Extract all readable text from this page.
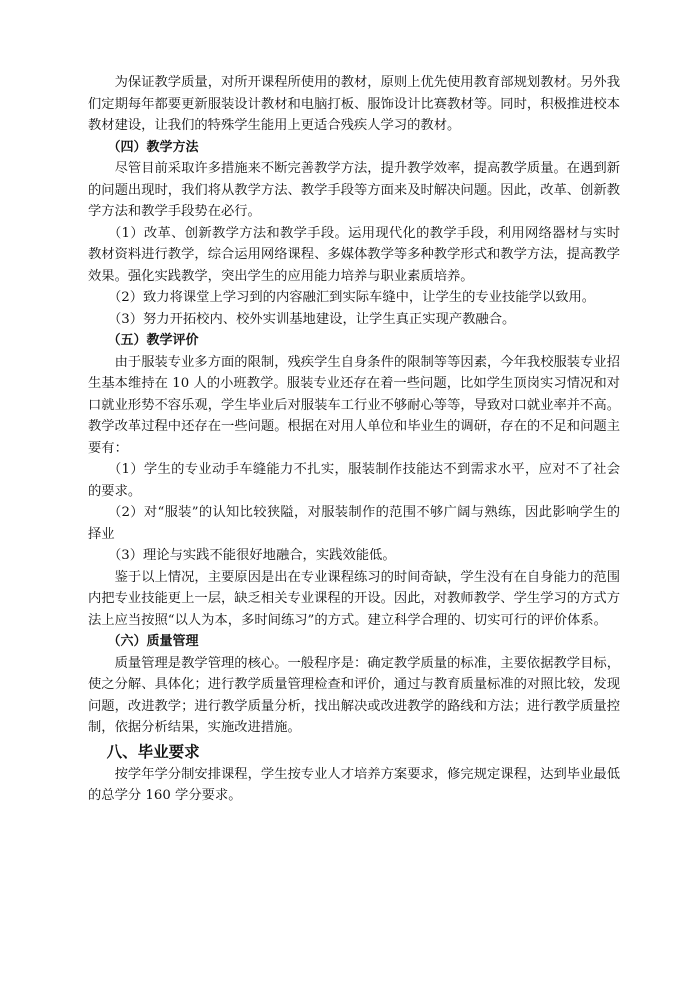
为保证教学质量，对所开课程所使用的教材，原则上优先使用教育部规划教材。另外我们定期每年都要更新服装设计教材和电脑打板、服饰设计比赛教材等。同时，积极推进校本教材建设，让我们的特殊学生能用上更适合残疾人学习的教材。

（四）教学方法

尽管目前采取许多措施来不断完善教学方法，提升教学效率，提高教学质量。在遇到新的问题出现时，我们将从教学方法、教学手段等方面来及时解决问题。因此，改革、创新教学方法和教学手段势在必行。

（1）改革、创新教学方法和教学手段。运用现代化的教学手段，利用网络器材与实时教材资料进行教学，综合运用网络课程、多媒体教学等多种教学形式和教学方法，提高教学效果。强化实践教学，突出学生的应用能力培养与职业素质培养。

（2）致力将课堂上学习到的内容融汇到实际车缝中，让学生的专业技能学以致用。

（3）努力开拓校内、校外实训基地建设，让学生真正实现产教融合。

（五）教学评价

由于服装专业多方面的限制，残疾学生自身条件的限制等等因素，今年我校服装专业招生基本维持在 10 人的小班教学。服装专业还存在着一些问题，比如学生顶岗实习情况和对口就业形势不容乐观，学生毕业后对服装车工行业不够耐心等等，导致对口就业率并不高。教学改革过程中还存在一些问题。根据在对用人单位和毕业生的调研，存在的不足和问题主要有：

（1）学生的专业动手车缝能力不扎实，服装制作技能达不到需求水平，应对不了社会的要求。

（2）对“服装”的认知比较狭隘，对服装制作的范围不够广阔与熟练，因此影响学生的择业

（3）理论与实践不能很好地融合，实践效能低。

鉴于以上情况，主要原因是出在专业课程练习的时间奇缺，学生没有在自身能力的范围内把专业技能更上一层，缺乏相关专业课程的开设。因此，对教师教学、学生学习的方式方法上应当按照“以人为本，多时间练习”的方式。建立科学合理的、切实可行的评价体系。

（六）质量管理

质量管理是教学管理的核心。一般程序是：确定教学质量的标准，主要依据教学目标，使之分解、具体化；进行教学质量管理检查和评价，通过与教育质量标准的对照比较，发现问题，改进教学；进行教学质量分析，找出解决或改进教学的路线和方法；进行教学质量控制，依据分析结果，实施改进措施。

八、毕业要求

按学年学分制安排课程，学生按专业人才培养方案要求，修完规定课程，达到毕业最低的总学分 160 学分要求。
